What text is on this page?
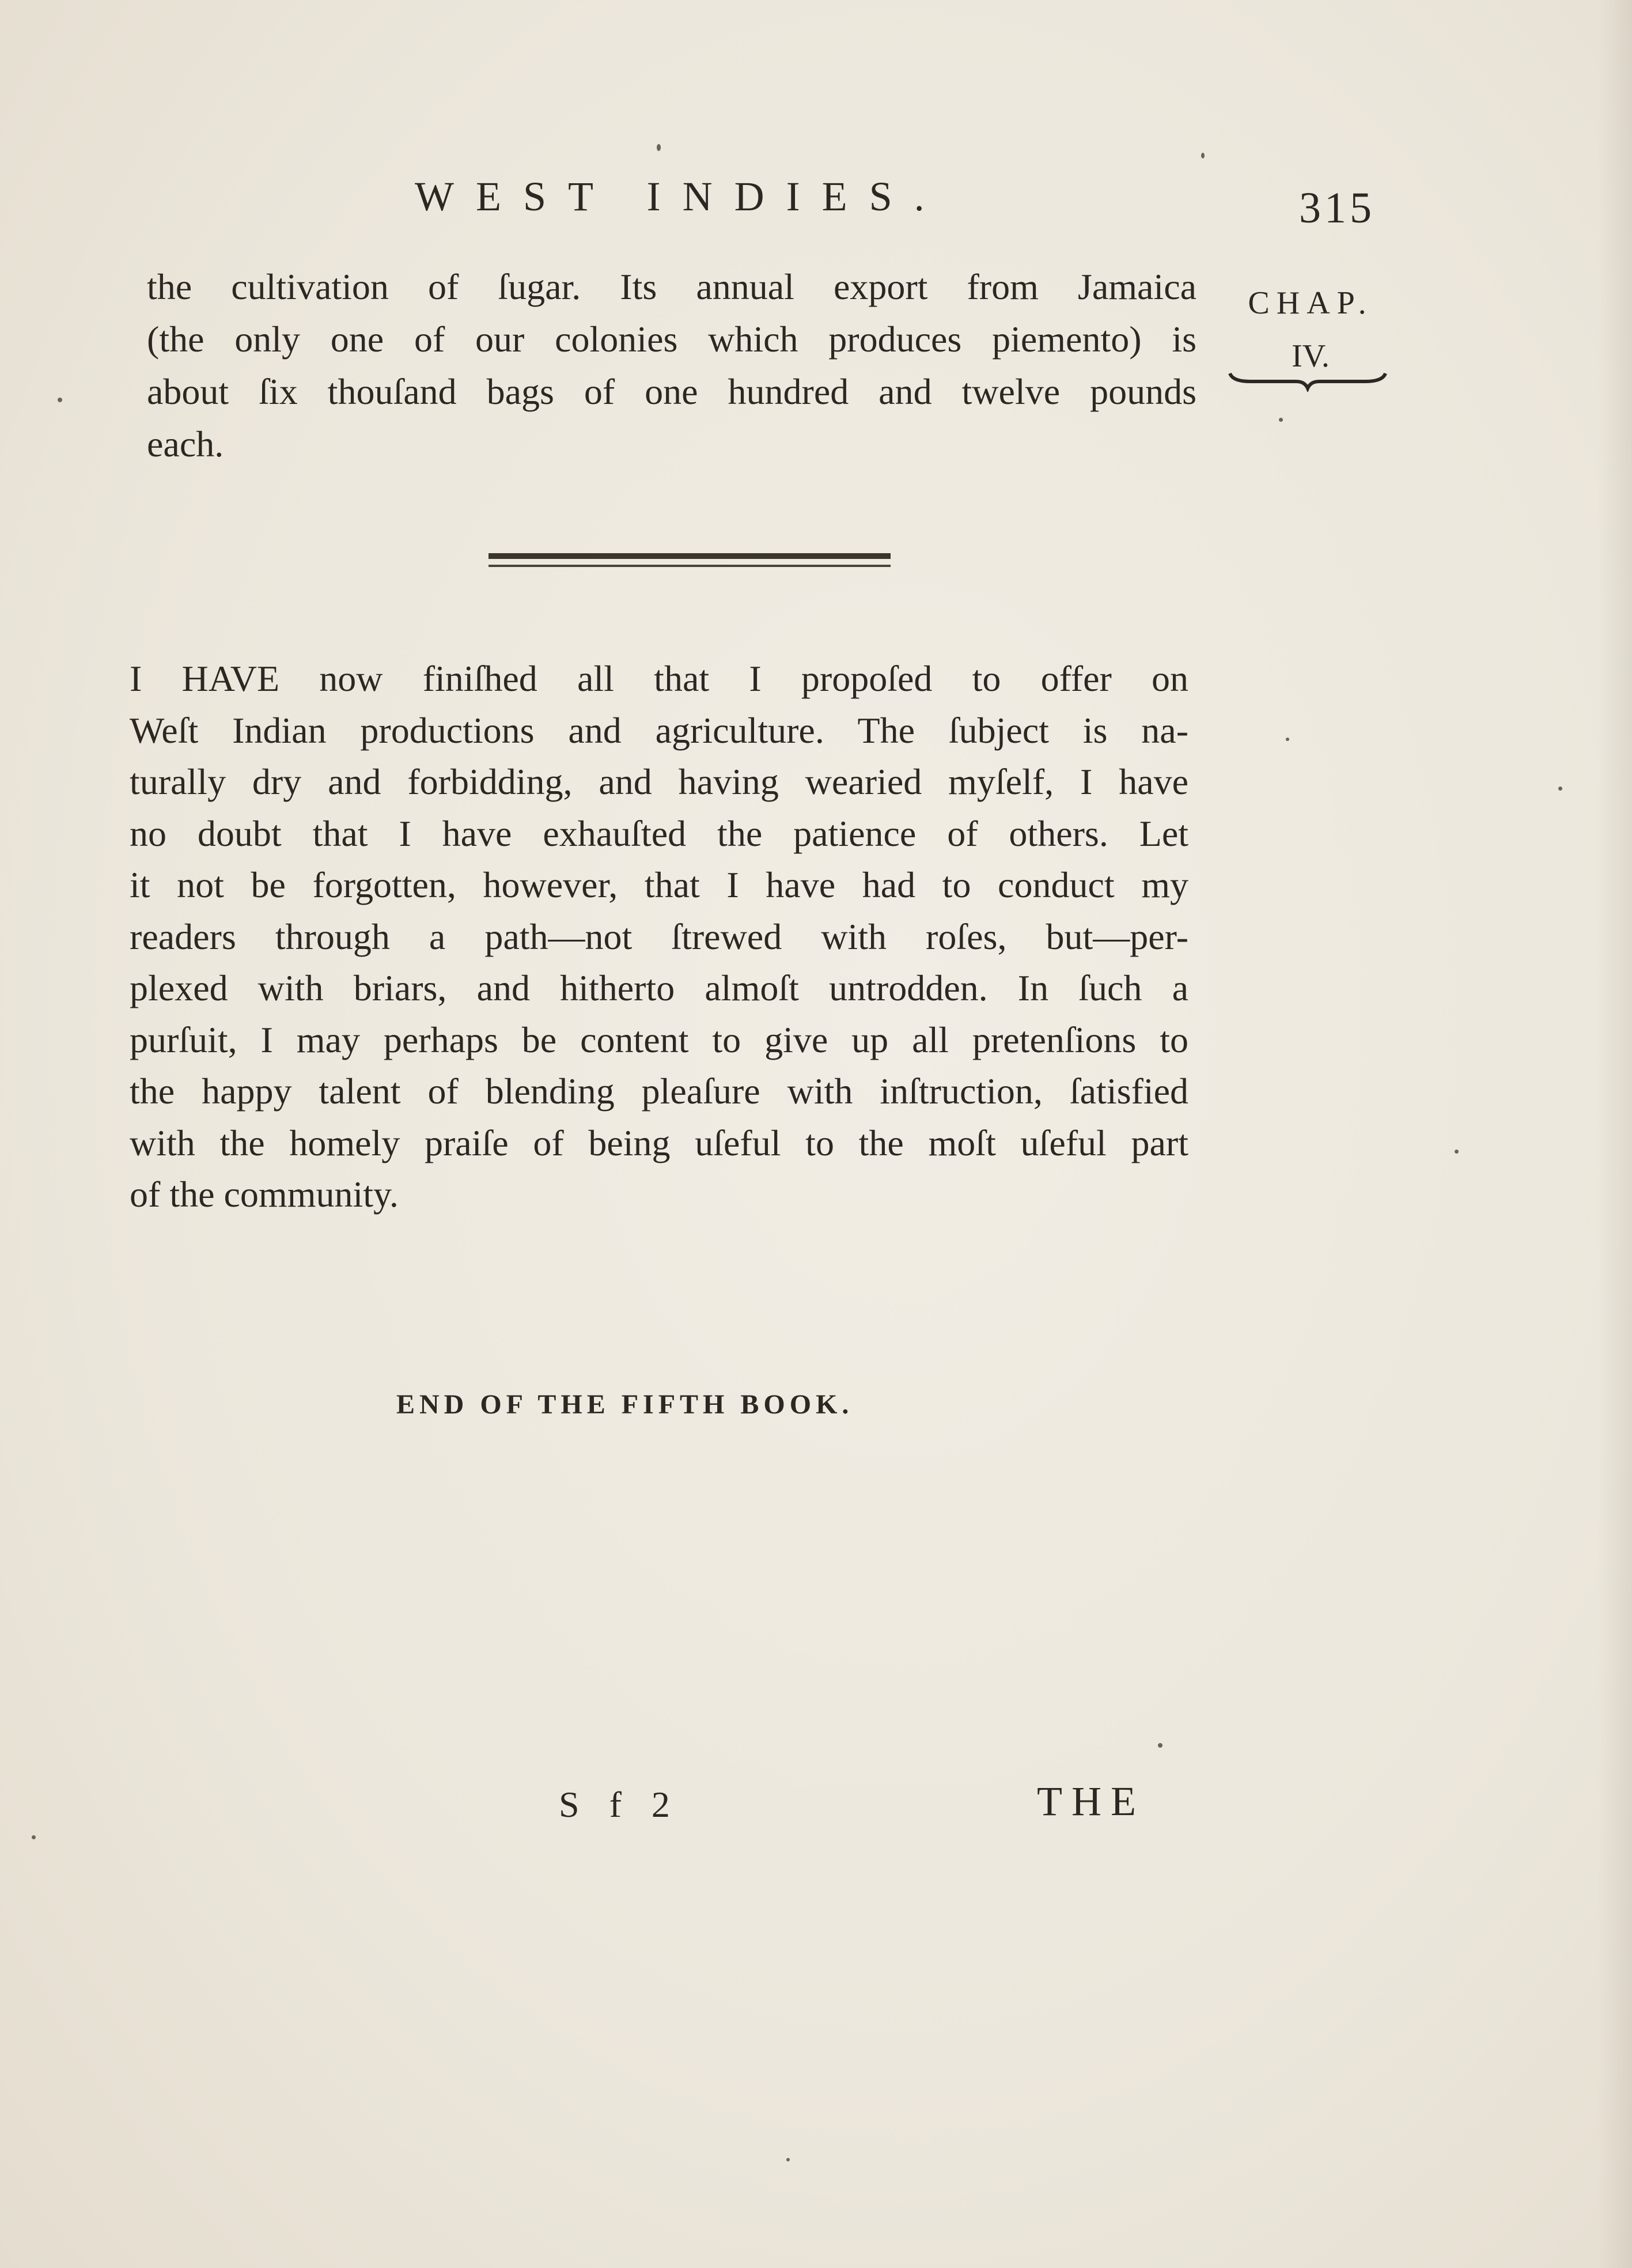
WEST INDIES.	315
CHAP.
IV.
the cultivation of ſugar. Its annual export from Jamaica
(the only one of our colonies which produces piemento) is
about ſix thouſand bags of one hundred and twelve pounds
each.
I HAVE now finiſhed all that I propoſed to offer on
Weſt Indian productions and agriculture. The ſubject is na-
turally dry and forbidding, and having wearied myſelf, I have
no doubt that I have exhauſted the patience of others. Let
it not be forgotten, however, that I have had to conduct my
readers through a path—not ſtrewed with roſes, but—per-
plexed with briars, and hitherto almoſt untrodden. In ſuch a
purſuit, I may perhaps be content to give up all pretenſions to
the happy talent of blending pleaſure with inſtruction, ſatisfied
with the homely praiſe of being uſeful to the moſt uſeful part
of the community.
END OF THE FIFTH BOOK.
S f 2	THE
